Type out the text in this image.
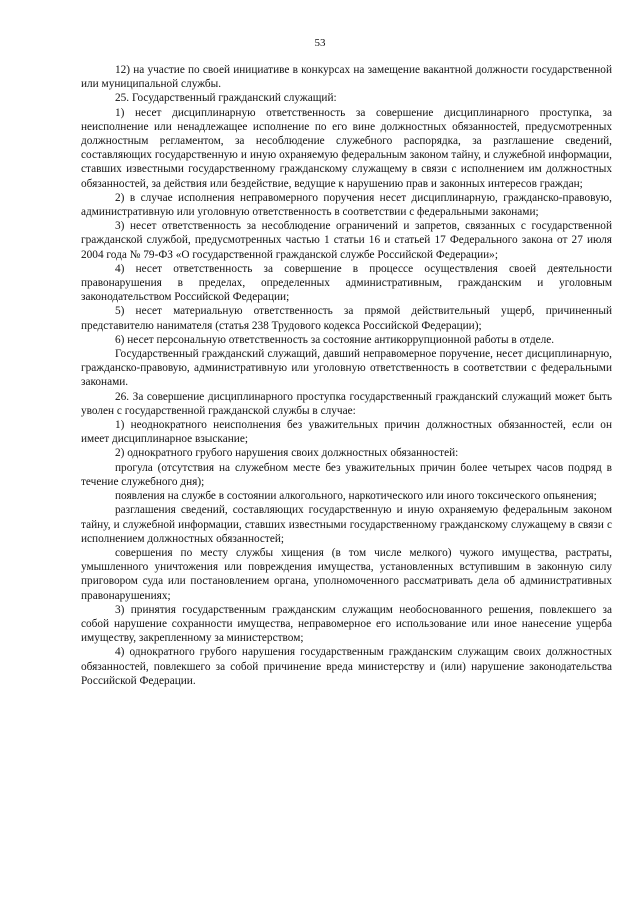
53

12) на участие по своей инициативе в конкурсах на замещение вакантной должности государственной или муниципальной службы.

25. Государственный гражданский служащий:

1) несет дисциплинарную ответственность за совершение дисциплинарного проступка, за неисполнение или ненадлежащее исполнение по его вине должностных обязанностей, предусмотренных должностным регламентом, за несоблюдение служебного распорядка, за разглашение сведений, составляющих государственную и иную охраняемую федеральным законом тайну, и служебной информации, ставших известными государственному гражданскому служащему в связи с исполнением им должностных обязанностей, за действия или бездействие, ведущие к нарушению прав и законных интересов граждан;

2) в случае исполнения неправомерного поручения несет дисциплинарную, гражданско-правовую, административную или уголовную ответственность в соответствии с федеральными законами;

3) несет ответственность за несоблюдение ограничений и запретов, связанных с государственной гражданской службой, предусмотренных частью 1 статьи 16 и статьей 17 Федерального закона от 27 июля 2004 года № 79-ФЗ «О государственной гражданской службе Российской Федерации»;

4) несет ответственность за совершение в процессе осуществления своей деятельности правонарушения в пределах, определенных административным, гражданским и уголовным законодательством Российской Федерации;

5) несет материальную ответственность за прямой действительный ущерб, причиненный представителю нанимателя (статья 238 Трудового кодекса Российской Федерации);

6) несет персональную ответственность за состояние антикоррупционной работы в отделе.

Государственный гражданский служащий, давший неправомерное поручение, несет дисциплинарную, гражданско-правовую, административную или уголовную ответственность в соответствии с федеральными законами.

26. За совершение дисциплинарного проступка государственный гражданский служащий может быть уволен с государственной гражданской службы в случае:

1) неоднократного неисполнения без уважительных причин должностных обязанностей, если он имеет дисциплинарное взыскание;

2) однократного грубого нарушения своих должностных обязанностей:

прогула (отсутствия на служебном месте без уважительных причин более четырех часов подряд в течение служебного дня);

появления на службе в состоянии алкогольного, наркотического или иного токсического опьянения;

разглашения сведений, составляющих государственную и иную охраняемую федеральным законом тайну, и служебной информации, ставших известными государственному гражданскому служащему в связи с исполнением должностных обязанностей;

совершения по месту службы хищения (в том числе мелкого) чужого имущества, растраты, умышленного уничтожения или повреждения имущества, установленных вступившим в законную силу приговором суда или постановлением органа, уполномоченного рассматривать дела об административных правонарушениях;

3) принятия государственным гражданским служащим необоснованного решения, повлекшего за собой нарушение сохранности имущества, неправомерное его использование или иное нанесение ущерба имуществу, закрепленному за министерством;

4) однократного грубого нарушения государственным гражданским служащим своих должностных обязанностей, повлекшего за собой причинение вреда министерству и (или) нарушение законодательства Российской Федерации.
